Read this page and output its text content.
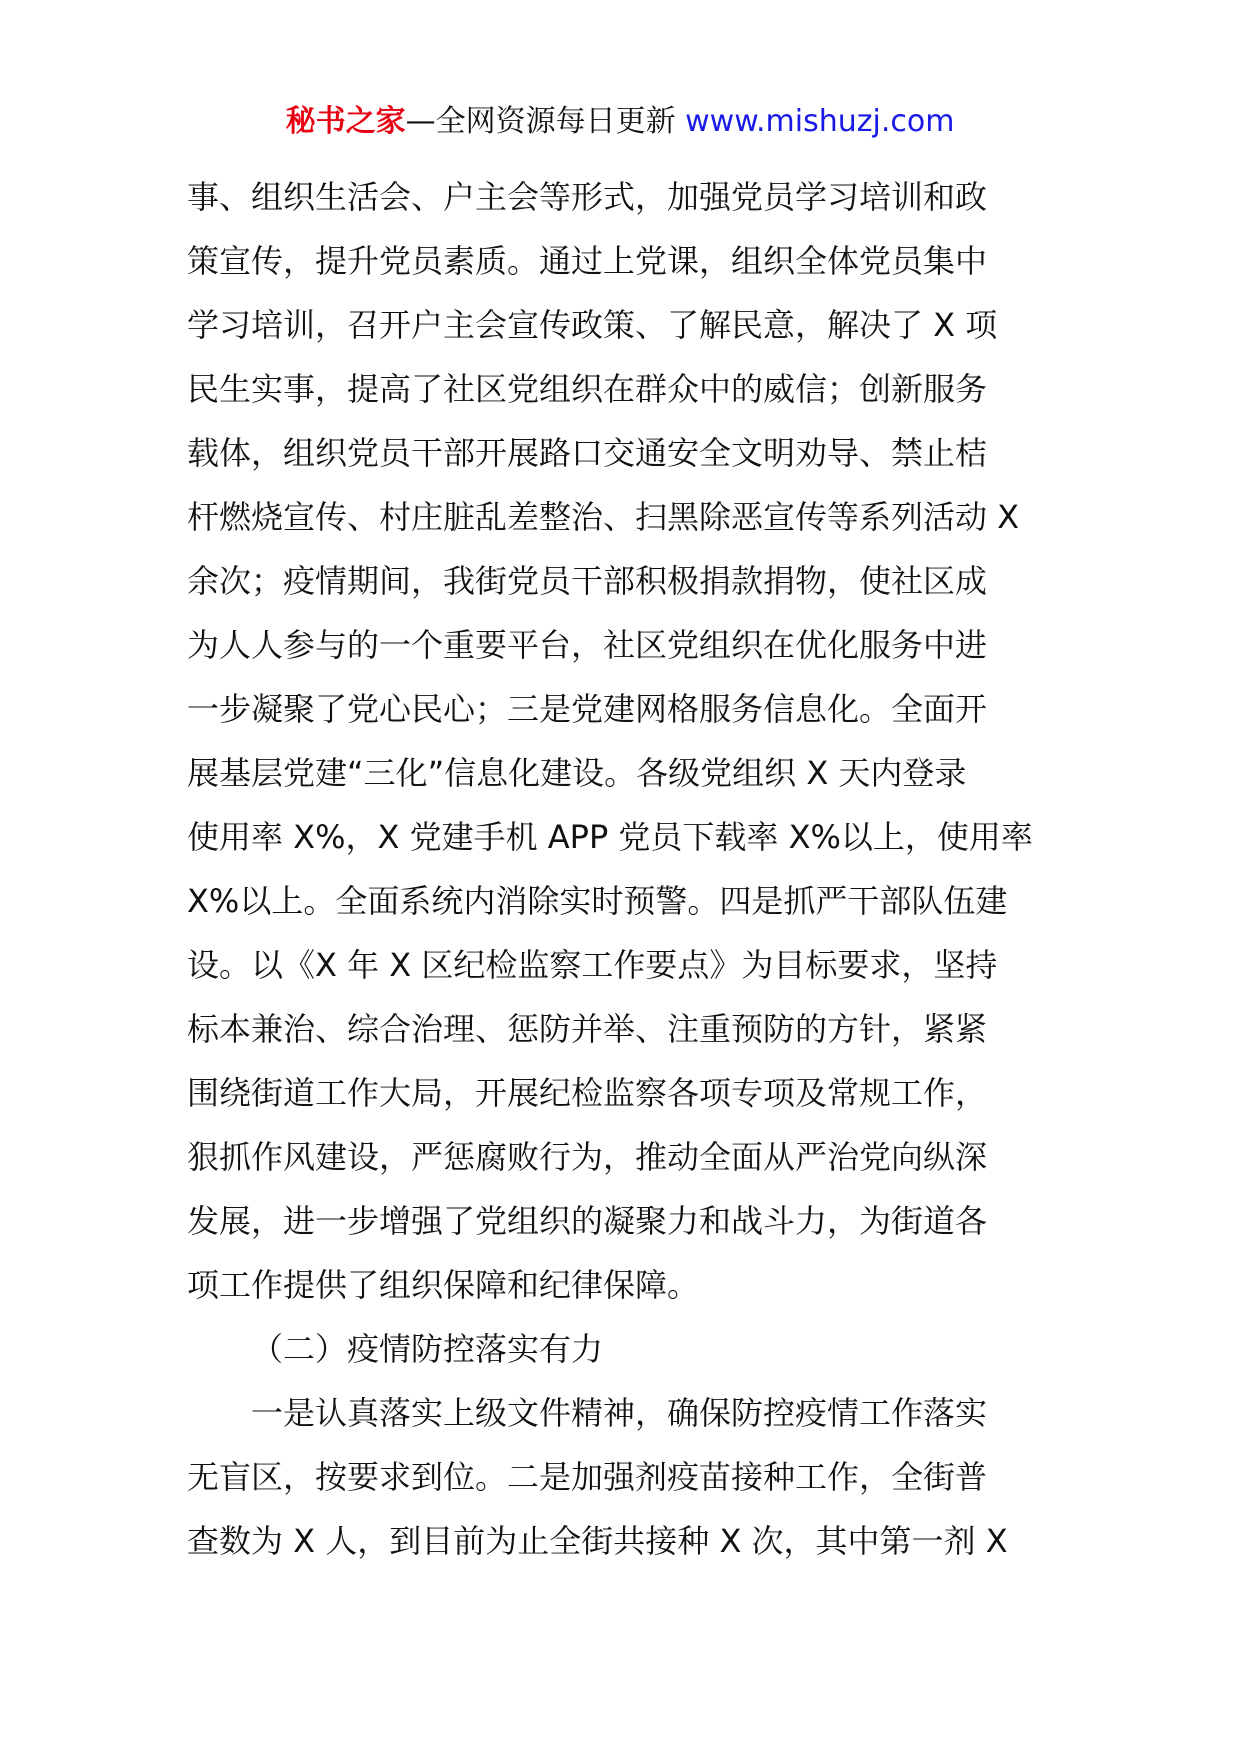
秘书之家—全网资源每日更新 www.mishuzj.com
事、组织生活会、户主会等形式，加强党员学习培训和政
策宣传，提升党员素质。通过上党课，组织全体党员集中
学习培训，召开户主会宣传政策、了解民意，解决了 X 项
民生实事，提高了社区党组织在群众中的威信；创新服务
载体，组织党员干部开展路口交通安全文明劝导、禁止桔
杆燃烧宣传、村庄脏乱差整治、扫黑除恶宣传等系列活动 X
余次；疫情期间，我街党员干部积极捐款捐物，使社区成
为人人参与的一个重要平台，社区党组织在优化服务中进
一步凝聚了党心民心；三是党建网格服务信息化。全面开
展基层党建“三化”信息化建设。各级党组织 X 天内登录
使用率 X%，X 党建手机 APP 党员下载率 X%以上，使用率
X%以上。全面系统内消除实时预警。四是抓严干部队伍建
设。以《X 年 X 区纪检监察工作要点》为目标要求，坚持
标本兼治、综合治理、惩防并举、注重预防的方针，紧紧
围绕街道工作大局，开展纪检监察各项专项及常规工作，
狠抓作风建设，严惩腐败行为，推动全面从严治党向纵深
发展，进一步增强了党组织的凝聚力和战斗力，为街道各
项工作提供了组织保障和纪律保障。
（二）疫情防控落实有力
一是认真落实上级文件精神，确保防控疫情工作落实
无盲区，按要求到位。二是加强剂疫苗接种工作，全街普
查数为 X 人，到目前为止全街共接种 X 次，其中第一剂 X
